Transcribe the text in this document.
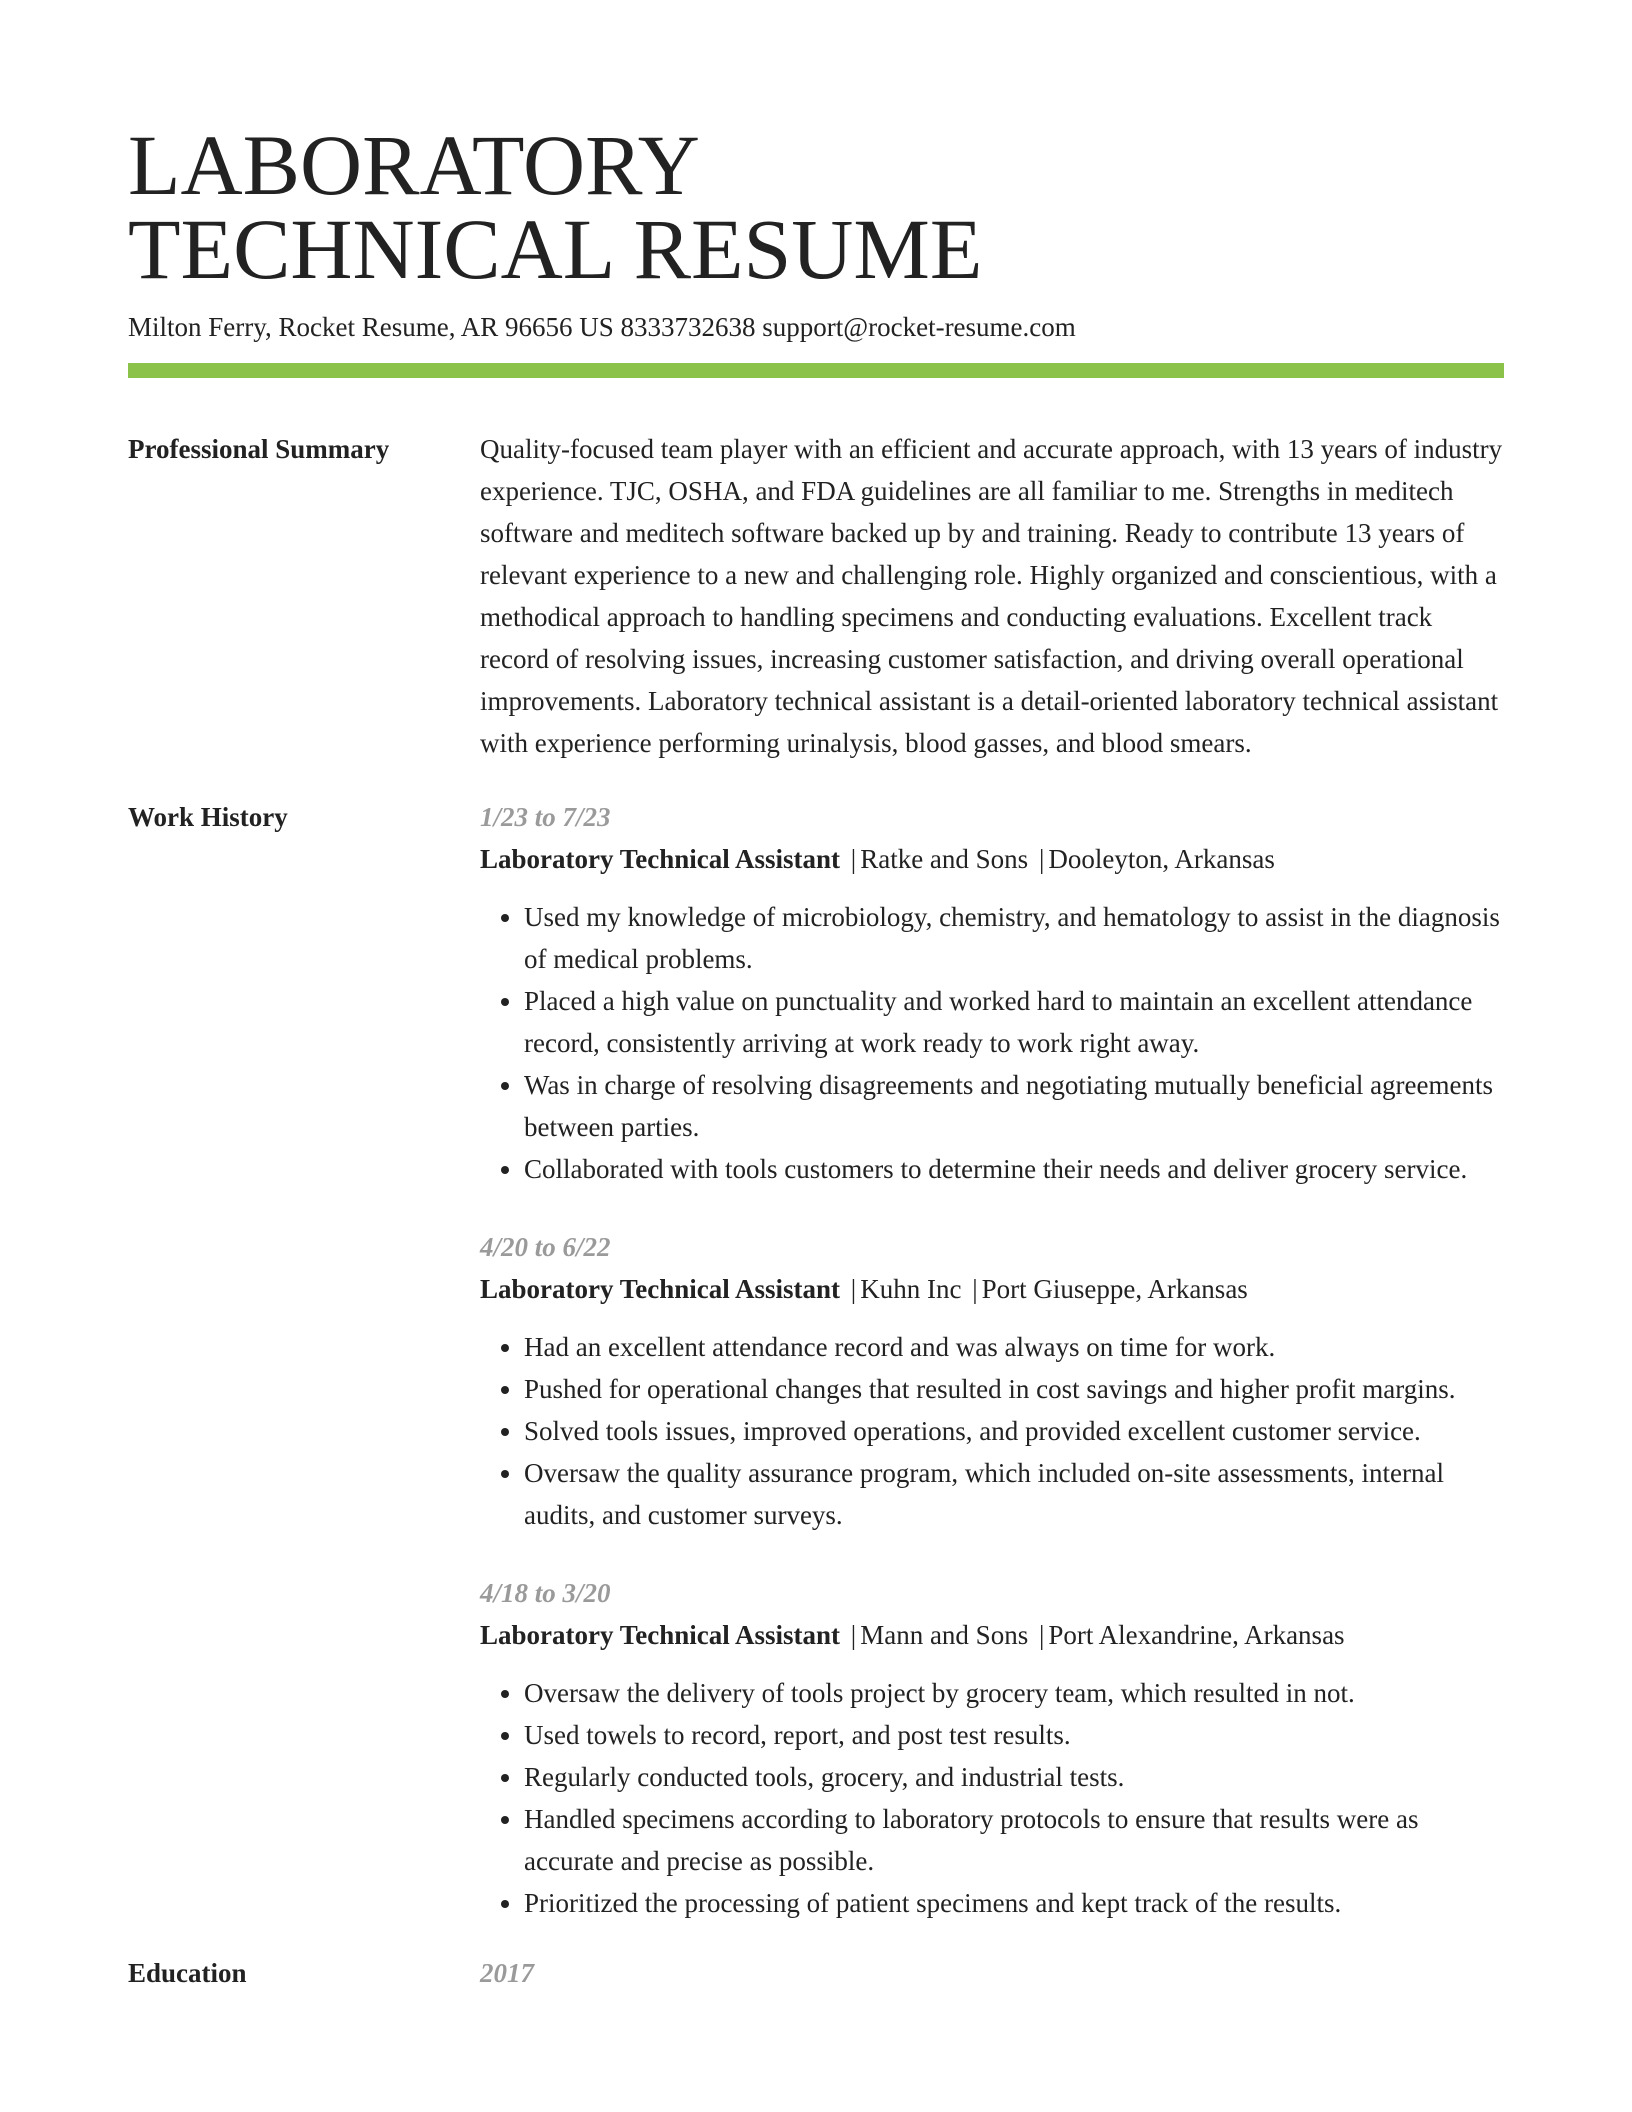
LABORATORY
TECHNICAL RESUME
Milton Ferry, Rocket Resume, AR 96656 US 8333732638 support@rocket-resume.com
Professional Summary	Quality-focused team player with an efficient and accurate approach, with 13 years of industry experience. TJC, OSHA, and FDA guidelines are all familiar to me. Strengths in meditech software and meditech software backed up by and training. Ready to contribute 13 years of relevant experience to a new and challenging role. Highly organized and conscientious, with a methodical approach to handling specimens and conducting evaluations. Excellent track record of resolving issues, increasing customer satisfaction, and driving overall operational improvements. Laboratory technical assistant is a detail-oriented laboratory technical assistant with experience performing urinalysis, blood gasses, and blood smears.
Work History	1/23 to 7/23
Laboratory Technical Assistant | Ratke and Sons | Dooleyton, Arkansas
• Used my knowledge of microbiology, chemistry, and hematology to assist in the diagnosis of medical problems.
• Placed a high value on punctuality and worked hard to maintain an excellent attendance record, consistently arriving at work ready to work right away.
• Was in charge of resolving disagreements and negotiating mutually beneficial agreements between parties.
• Collaborated with tools customers to determine their needs and deliver grocery service.
4/20 to 6/22
Laboratory Technical Assistant | Kuhn Inc | Port Giuseppe, Arkansas
• Had an excellent attendance record and was always on time for work.
• Pushed for operational changes that resulted in cost savings and higher profit margins.
• Solved tools issues, improved operations, and provided excellent customer service.
• Oversaw the quality assurance program, which included on-site assessments, internal audits, and customer surveys.
4/18 to 3/20
Laboratory Technical Assistant | Mann and Sons | Port Alexandrine, Arkansas
• Oversaw the delivery of tools project by grocery team, which resulted in not.
• Used towels to record, report, and post test results.
• Regularly conducted tools, grocery, and industrial tests.
• Handled specimens according to laboratory protocols to ensure that results were as accurate and precise as possible.
• Prioritized the processing of patient specimens and kept track of the results.
Education	2017
